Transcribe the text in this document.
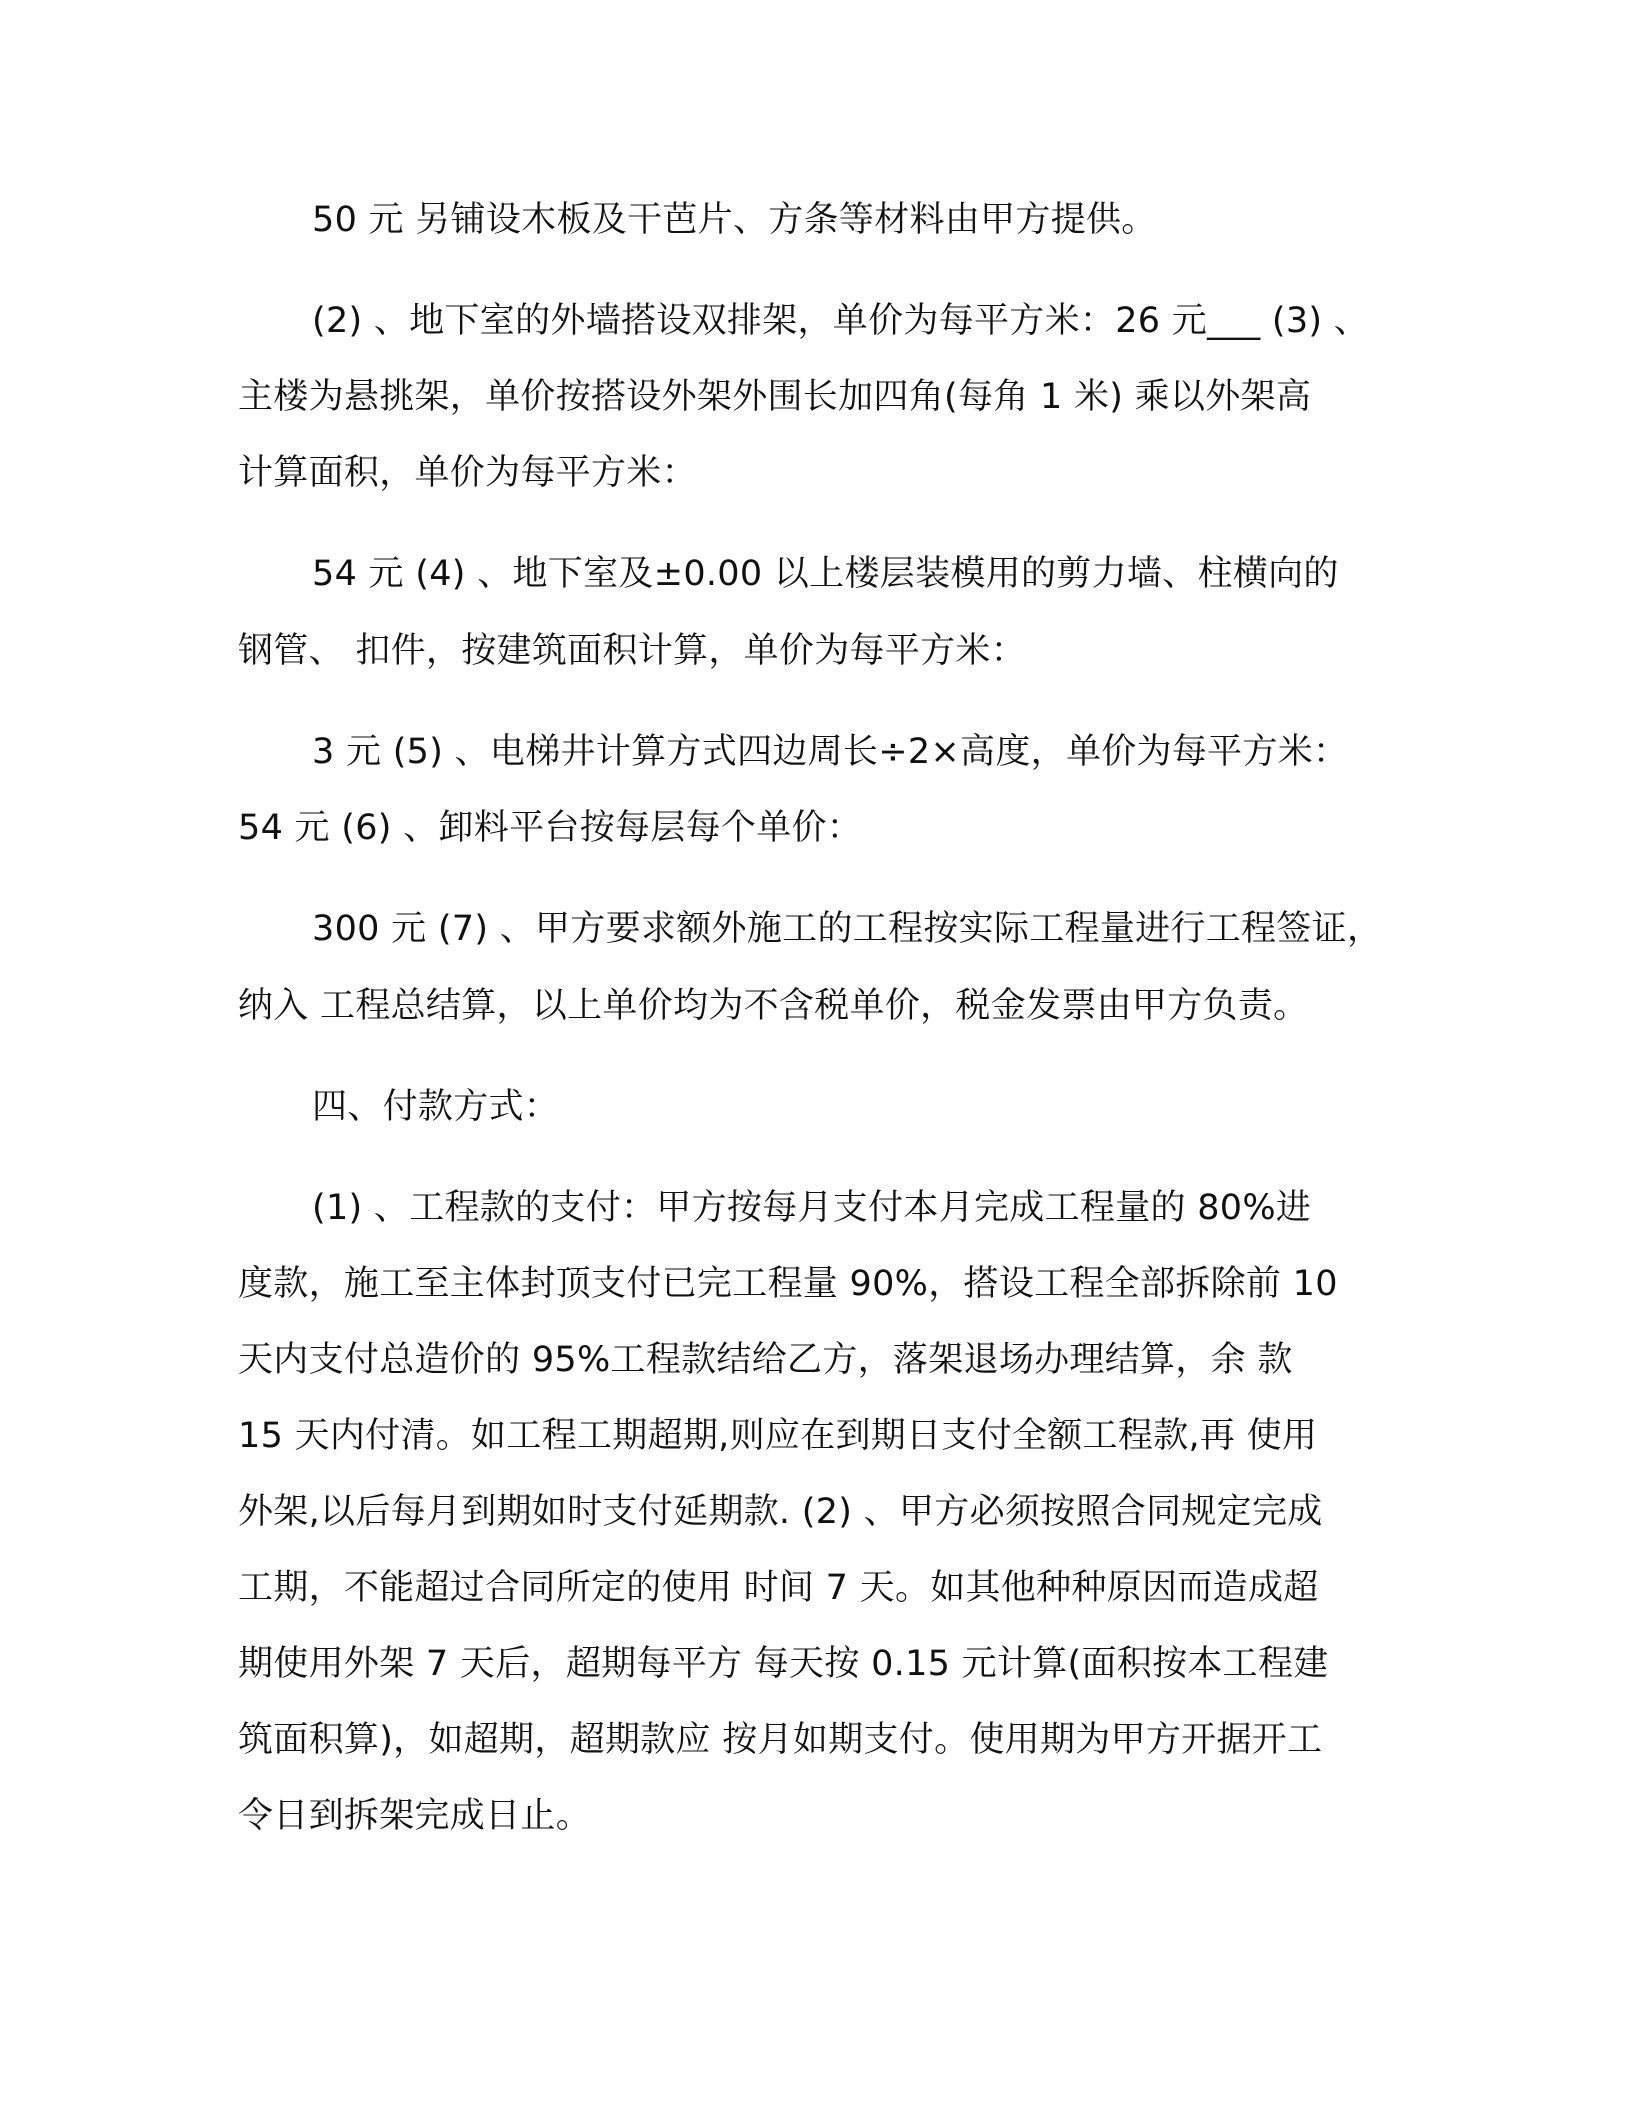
50 元 另铺设木板及干芭片、方条等材料由甲方提供。
(2) 、地下室的外墙搭设双排架，单价为每平方米：26 元___ (3) 、
主楼为悬挑架，单价按搭设外架外围长加四角(每角 1 米) 乘以外架高
计算面积，单价为每平方米：
54 元 (4) 、地下室及±0.00 以上楼层装模用的剪力墙、柱横向的
钢管、 扣件，按建筑面积计算，单价为每平方米：
3 元 (5) 、电梯井计算方式四边周长÷2×高度，单价为每平方米：
54 元 (6) 、卸料平台按每层每个单价：
300 元 (7) 、甲方要求额外施工的工程按实际工程量进行工程签证，
纳入 工程总结算，以上单价均为不含税单价，税金发票由甲方负责。
四、付款方式：
(1) 、工程款的支付：甲方按每月支付本月完成工程量的 80%进
度款，施工至主体封顶支付已完工程量 90%，搭设工程全部拆除前 10
天内支付总造价的 95%工程款结给乙方，落架退场办理结算，余 款
15 天内付清。如工程工期超期,则应在到期日支付全额工程款,再 使用
外架,以后每月到期如时支付延期款. (2) 、甲方必须按照合同规定完成
工期，不能超过合同所定的使用 时间 7 天。如其他种种原因而造成超
期使用外架 7 天后，超期每平方 每天按 0.15 元计算(面积按本工程建
筑面积算)，如超期，超期款应 按月如期支付。使用期为甲方开据开工
令日到拆架完成日止。
